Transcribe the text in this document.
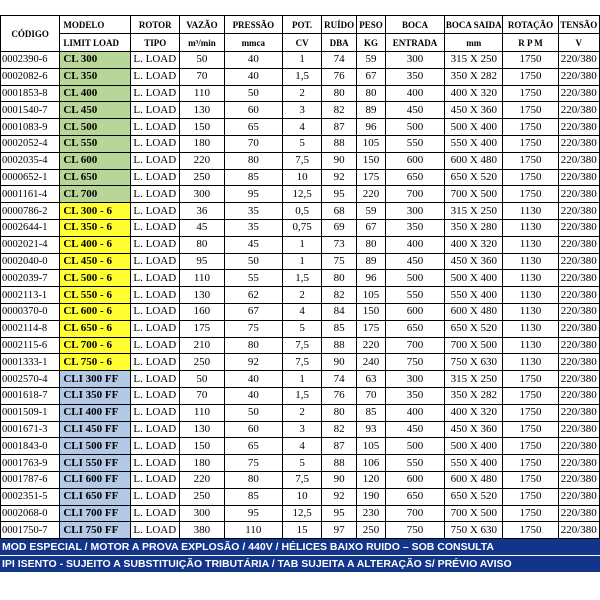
CÓDIGO	MODELO	ROTOR	VAZÃO	PRESSÃO	POT.	RUÍDO	PESO	BOCA	BOCA SAIDA	ROTAÇÃO	TENSÃO
	LIMIT LOAD	TIPO	m³/min	mmca	CV	DBA	KG	ENTRADA	mm	R P M	V
0002390-6	CL 300	L. LOAD	50	40	1	74	59	300	315 X 250	1750	220/380
0002082-6	CL 350	L. LOAD	70	40	1,5	76	67	350	350 X 282	1750	220/380
0001853-8	CL 400	L. LOAD	110	50	2	80	80	400	400 X 320	1750	220/380
0001540-7	CL 450	L. LOAD	130	60	3	82	89	450	450 X 360	1750	220/380
0001083-9	CL 500	L. LOAD	150	65	4	87	96	500	500 X 400	1750	220/380
0002052-4	CL 550	L. LOAD	180	70	5	88	105	550	550 X 400	1750	220/380
0002035-4	CL 600	L. LOAD	220	80	7,5	90	150	600	600 X 480	1750	220/380
0000652-1	CL 650	L. LOAD	250	85	10	92	175	650	650 X 520	1750	220/380
0001161-4	CL 700	L. LOAD	300	95	12,5	95	220	700	700 X 500	1750	220/380
0000786-2	CL 300 - 6	L. LOAD	36	35	0,5	68	59	300	315 X 250	1130	220/380
0002644-1	CL 350 - 6	L. LOAD	45	35	0,75	69	67	350	350 X 280	1130	220/380
0002021-4	CL 400 - 6	L. LOAD	80	45	1	73	80	400	400 X 320	1130	220/380
0002040-0	CL 450 - 6	L. LOAD	95	50	1	75	89	450	450 X 360	1130	220/380
0002039-7	CL 500 - 6	L. LOAD	110	55	1,5	80	96	500	500 X 400	1130	220/380
0002113-1	CL 550 - 6	L. LOAD	130	62	2	82	105	550	550 X 400	1130	220/380
0000370-0	CL 600 - 6	L. LOAD	160	67	4	84	150	600	600 X 480	1130	220/380
0002114-8	CL 650 - 6	L. LOAD	175	75	5	85	175	650	650 X 520	1130	220/380
0002115-6	CL 700 - 6	L. LOAD	210	80	7,5	88	220	700	700 X 500	1130	220/380
0001333-1	CL 750 - 6	L. LOAD	250	92	7,5	90	240	750	750 X 630	1130	220/380
0002570-4	CLI 300 FF	L. LOAD	50	40	1	74	63	300	315 X 250	1750	220/380
0001618-7	CLI 350 FF	L. LOAD	70	40	1,5	76	70	350	350 X 282	1750	220/380
0001509-1	CLI 400 FF	L. LOAD	110	50	2	80	85	400	400 X 320	1750	220/380
0001671-3	CLI 450 FF	L. LOAD	130	60	3	82	93	450	450 X 360	1750	220/380
0001843-0	CLI 500 FF	L. LOAD	150	65	4	87	105	500	500 X 400	1750	220/380
0001763-9	CLI 550 FF	L. LOAD	180	75	5	88	106	550	550 X 400	1750	220/380
0001787-6	CLI 600 FF	L. LOAD	220	80	7,5	90	120	600	600 X 480	1750	220/380
0002351-5	CLI 650 FF	L. LOAD	250	85	10	92	190	650	650 X 520	1750	220/380
0002068-0	CLI 700 FF	L. LOAD	300	95	12,5	95	230	700	700 X 500	1750	220/380
0001750-7	CLI 750 FF	L. LOAD	380	110	15	97	250	750	750 X 630	1750	220/380
MOD ESPECIAL / MOTOR A PROVA EXPLOSÃO / 440V / HÉLICES BAIXO RUIDO – SOB CONSULTA
IPI ISENTO - SUJEITO A SUBSTITUIÇÃO TRIBUTÁRIA / TAB SUJEITA A ALTERAÇÃO S/ PRÉVIO AVISO
